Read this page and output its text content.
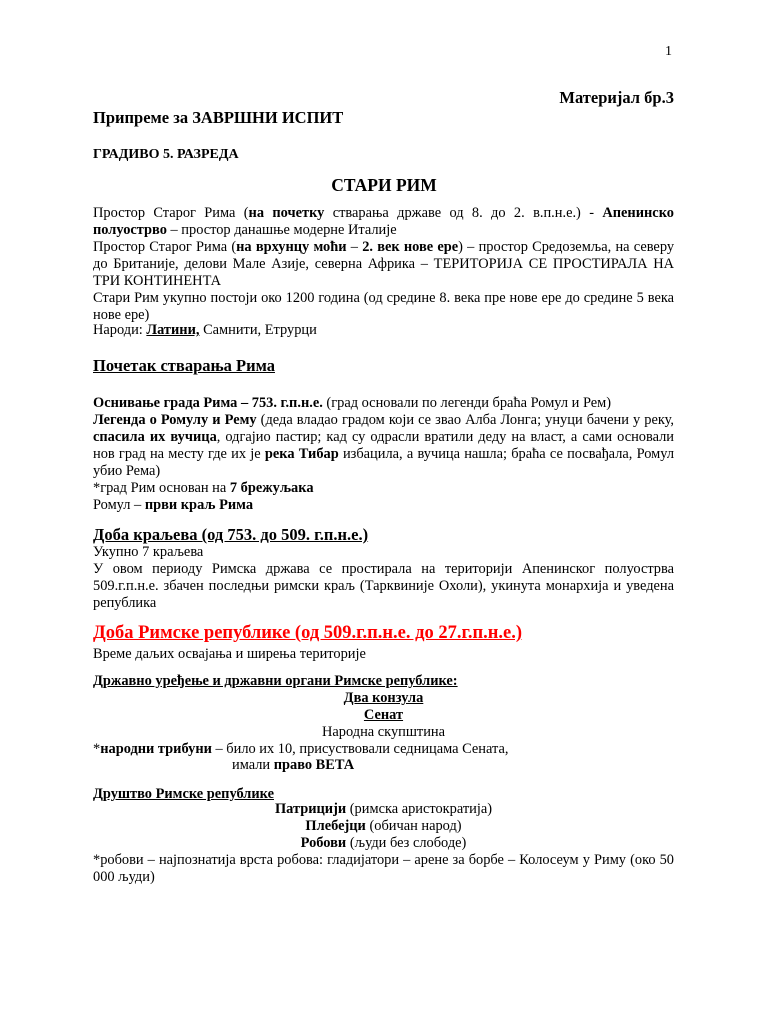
1
Материјал бр.3
Припреме за ЗАВРШНИ ИСПИТ
ГРАДИВО 5. РАЗРЕДА
СТАРИ РИМ
Простор Старог Рима (на почетку стварања државе од 8. до 2. в.п.н.е.) - Апенинско полуострво – простор данашње модерне Италије
Простор Старог Рима (на врхунцу моћи – 2. век нове ере) – простор Средоземља, на северу до Британије, делови Мале Азије, северна Африка – ТЕРИТОРИЈА СЕ ПРОСТИРАЛА НА ТРИ КОНТИНЕНТА
Стари Рим укупно постоји око 1200 година (од средине 8. века пре нове ере до средине 5 века нове ере)
Народи: Латини, Самнити, Етрурци
Почетак стварања Рима
Оснивање града Рима – 753. г.п.н.е. (град основали по легенди браћа Ромул и Рем)
Легенда о Ромулу и Рему (деда владао градом који се звао Алба Лонга; унуци бачени у реку, спасила их вучица, одгајио пастир; кад су одрасли вратили деду на власт, а сами основали нов град на месту где их је река Тибар избацила, а вучица нашла; браћа се посвађала, Ромул убио Рема)
*град Рим основан на 7 брежуљака
Ромул – први краљ Рима
Доба краљева (од 753. до 509. г.п.н.е.)
Укупно 7 краљева
У овом периоду Римска држава се простирала на територији Апенинског полуострва 509.г.п.н.е. збачен последњи римски краљ (Тарквиније Охоли), укинута монархија и уведена република
Доба Римске републике (од 509.г.п.н.е. до 27.г.п.н.е.)
Време даљих освајања и ширења територије
Државно уређење и државни органи Римске републике:
Два конзула
Сенат
Народна скупштина
*народни трибуни – било их 10, присуствовали седницама Сената,
имали право ВЕТА
Друштво Римске републике
Патрицији (римска аристократија)
Плебејци (обичан народ)
Робови (људи без слободе)
*робови – најпознатија врста робова: гладијатори – арене за борбе – Колосеум у Риму (око 50 000 људи)
